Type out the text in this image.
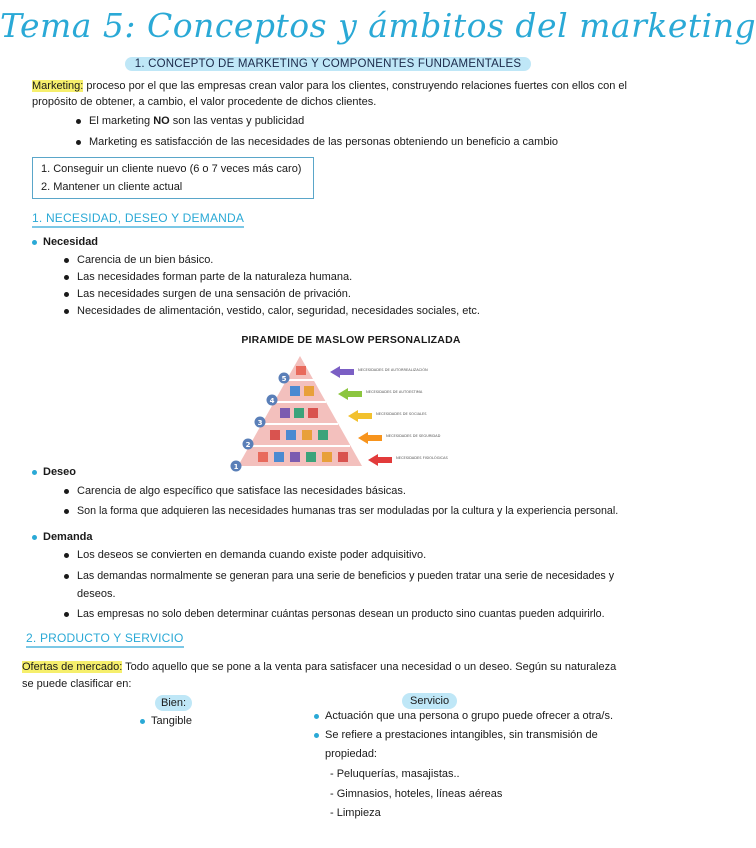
Tema 5: Conceptos y ámbitos del marketing
1. CONCEPTO DE MARKETING Y COMPONENTES FUNDAMENTALES
Marketing: proceso por el que las empresas crean valor para los clientes, construyendo relaciones fuertes con ellos con el
propósito de obtener, a cambio, el valor procedente de dichos clientes.
El marketing NO son las ventas y publicidad
Marketing es satisfacción de las necesidades de las personas obteniendo un beneficio a cambio
1. Conseguir un cliente nuevo (6 o 7 veces más caro)
2. Mantener un cliente actual
1. NECESIDAD, DESEO Y DEMANDA
Necesidad
Carencia de un bien básico.
Las necesidades forman parte de la naturaleza humana.
Las necesidades surgen de una sensación de privación.
Necesidades de alimentación, vestido, calor, seguridad, necesidades sociales, etc.
PIRAMIDE DE MASLOW PERSONALIZADA
5
4
3
2
1
NECESIDADES DE AUTORREALIZACIÓN
NECESIDADES DE AUTOESTIMA
NECESIDADES DE SOCIALES
NECESIDADES DE SEGURIDAD
NECESIDADES FISIOLÓGICAS
Deseo
Carencia de algo específico que satisface las necesidades básicas.
Son la forma que adquieren las necesidades humanas tras ser moduladas por la cultura y la experiencia personal.
Demanda
Los deseos se convierten en demanda cuando existe poder adquisitivo.
Las demandas normalmente se generan para una serie de beneficios y pueden tratar una serie de necesidades y
deseos.
Las empresas no solo deben determinar cuántas personas desean un producto sino cuantas pueden adquirirlo.
2. PRODUCTO Y SERVICIO
Ofertas de mercado: Todo aquello que se pone a la venta para satisfacer una necesidad o un deseo. Según su naturaleza
se puede clasificar en:
Bien:
Tangible
Servicio
Actuación que una persona o grupo puede ofrecer a otra/s.
Se refiere a prestaciones intangibles, sin transmisión de
propiedad:
- Peluquerías, masajistas..
- Gimnasios, hoteles, líneas aéreas
- Limpieza
